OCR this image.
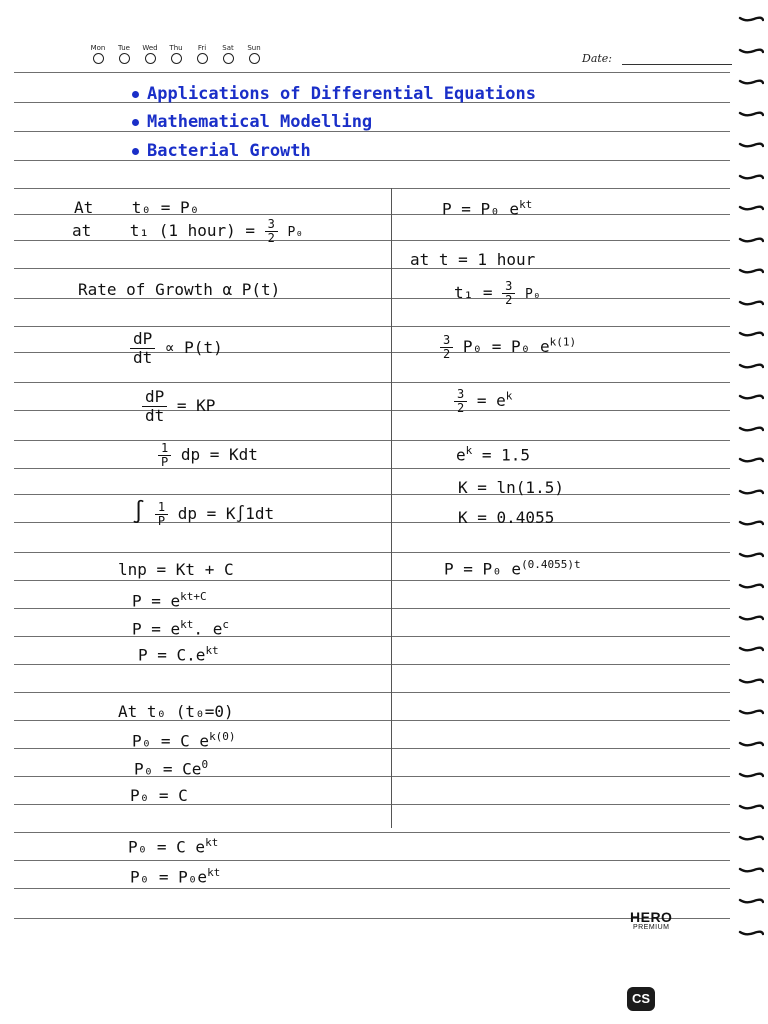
Mon Tue Wed Thu Fri Sat Sun
Date:
Applications of Differential Equations
Mathematical Modelling
Bacterial Growth
At t₀ = P₀
at t₁ (1 hour) = $\frac{3}{2} P_0$
Rate of Growth α P(t)
$\frac{dP}{dt} \propto P(t)$
$\frac{dP}{dt}$ = KP
$\frac{1}{P}$ dp = Kdt
∫ $\frac{1}{P}$ dp = K∫1dt
lnp = Kt + C
$P = e^{kt+C}$
$P = e^{kt}$. $e^c$
$P = C.e^{kt}$
At t₀ (t₀=0)
P₀ = C $e^{k(0)}$
$P_0 = Ce^0$
P₀ = C
P₀ = C $e^{kt}$
$P_0 = P_0e^{kt}$
P = P₀ $e^{kt}$
at t = 1 hour
$t_1 = \frac{3}{2} P_0$
$\frac{3}{2} P_0 = P_0$ $e^{k(1)}$
$\frac{3}{2} = e^k$
$e^k = 1.5$
K = ln(1.5)
K = 0.4055
P = P₀ $e^{(0.4055)t}$
HERO
PREMIUM
CS
